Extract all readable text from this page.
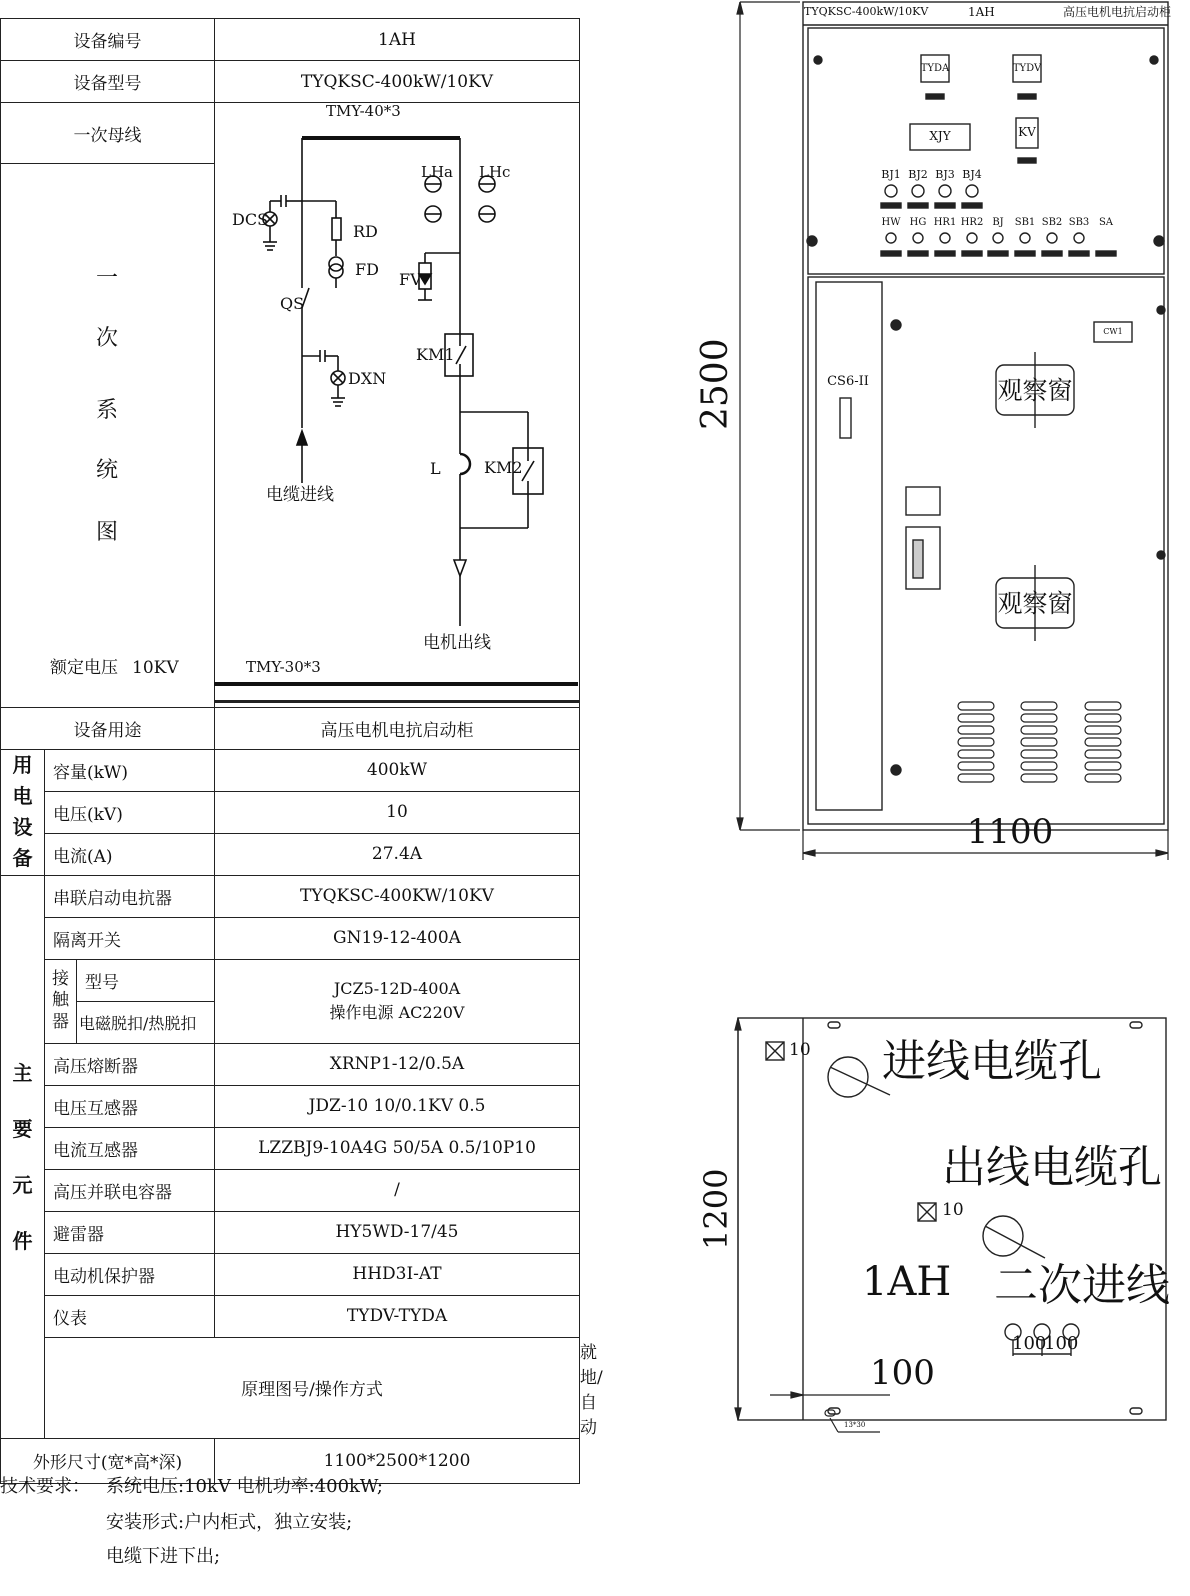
设备编号			1AH	
设备型号			TYQKSC-400kW/10KV	
一次母线				

设备用途			高压电机电抗启动柜	
用
电
设
备	容量(kW)		400kW	
	电压(kV)		10	
	电流(A)		27.4A	
主
要
元
件	串联启动电抗器		TYQKSC-400KW/10KV	
	隔离开关		GN19-12-400A	
	接
触
器	型号	JCZ5-12D-400A
操作电源 AC220V	
		电磁脱扣/热脱扣		
	高压熔断器		XRNP1-12/0.5A	
	电压互感器		JDZ-10 10/0.1KV 0.5	
	电流互感器		LZZBJ9-10A4G 50/5A 0.5/10P10	
	高压并联电容器		/	
	避雷器		HY5WD-17/45	
	电动机保护器		HHD3I-AT	
	仪表		TYDV-TYDA	
	原理图号/操作方式			就地/自动
外形尺寸(宽*高*深)			1100*2500*1200	
一
次
系
统
图
额定电压 10KV
TMY-40*3
TMY-30*3
DCS
RD
FD
QS
DXN
LHa LHc
FV
KM1
KM2
L
电缆进线
电机出线
TYQKSC-400kW/10KV	1AH	高压电机电抗启动柜
TYDA	TYDV
XJY	KV
BJ1 BJ2 BJ3 BJ4
HW HG HR1 HR2 BJ SB1 SB2 SB3 SA
CS6-II
CW1
观察窗
观察窗
2500
1100
10
10
进线电缆孔
出线电缆孔
1AH 二次进线
1200
100
100
100
13*30
技术要求： 系统电压:10kV 电机功率:400kW;
安装形式:户内柜式，独立安装;
电缆下进下出;
